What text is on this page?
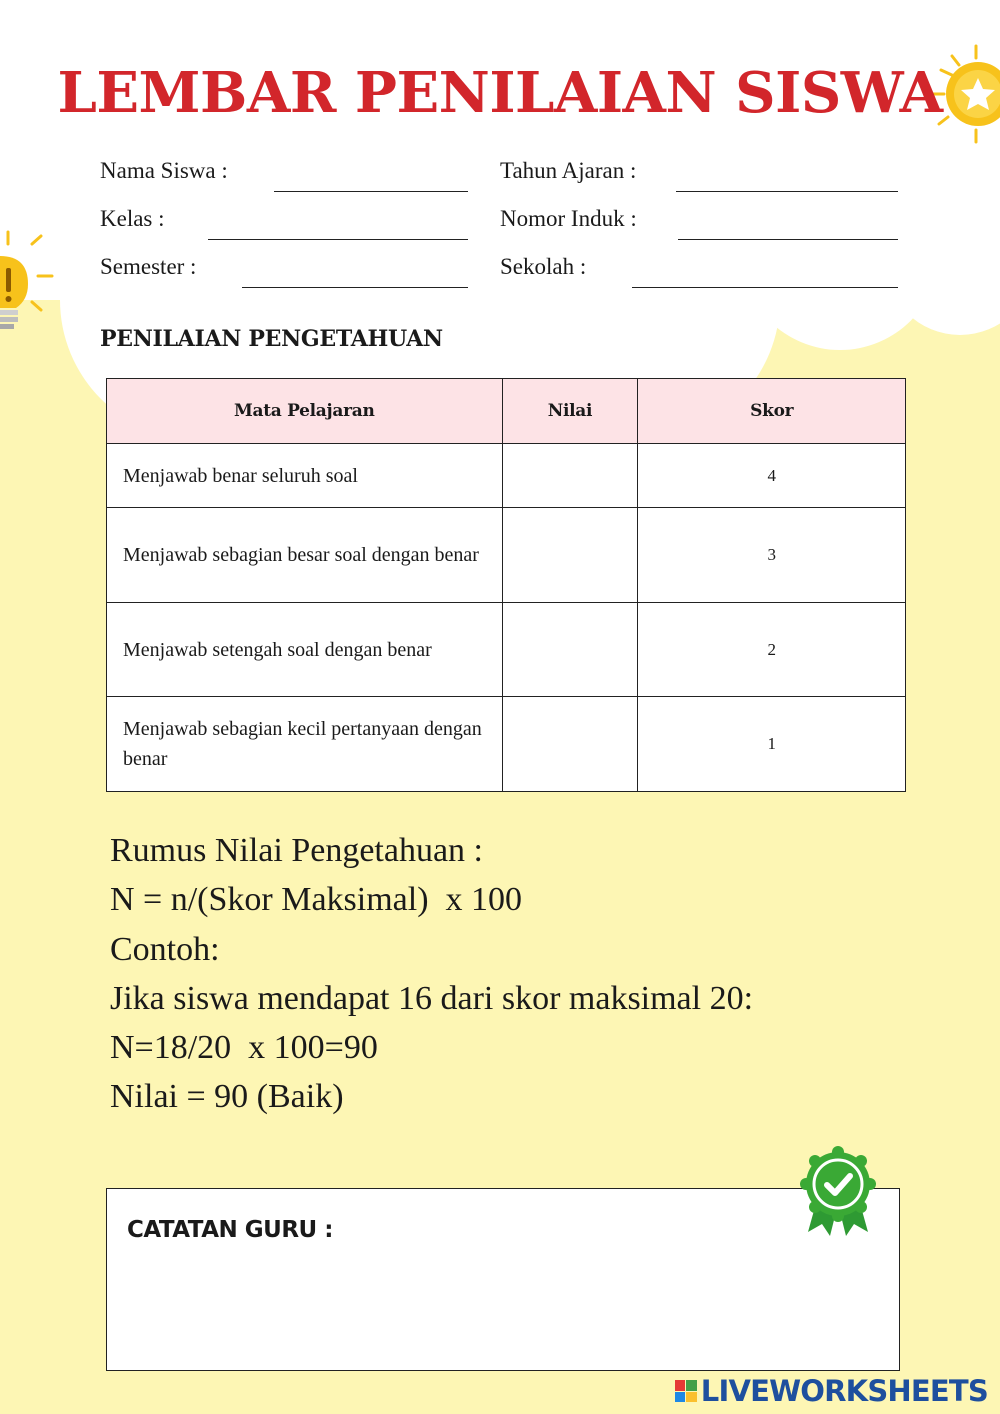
LEMBAR PENILAIAN SISWA
Nama Siswa :
Kelas :
Semester :
Tahun Ajaran :
Nomor Induk :
Sekolah :
PENILAIAN PENGETAHUAN
Mata Pelajaran	Nilai	Skor
Menjawab benar seluruh soal		4
Menjawab sebagian besar soal dengan benar		3
Menjawab setengah soal dengan benar		2
Menjawab sebagian kecil pertanyaan dengan benar		1
Rumus Nilai Pengetahuan :
N = n/(Skor Maksimal)  x 100
Contoh:
Jika siswa mendapat 16 dari skor maksimal 20:
N=18/20  x 100=90
Nilai = 90 (Baik)
CATATAN GURU :
LIVEWORKSHEETS
